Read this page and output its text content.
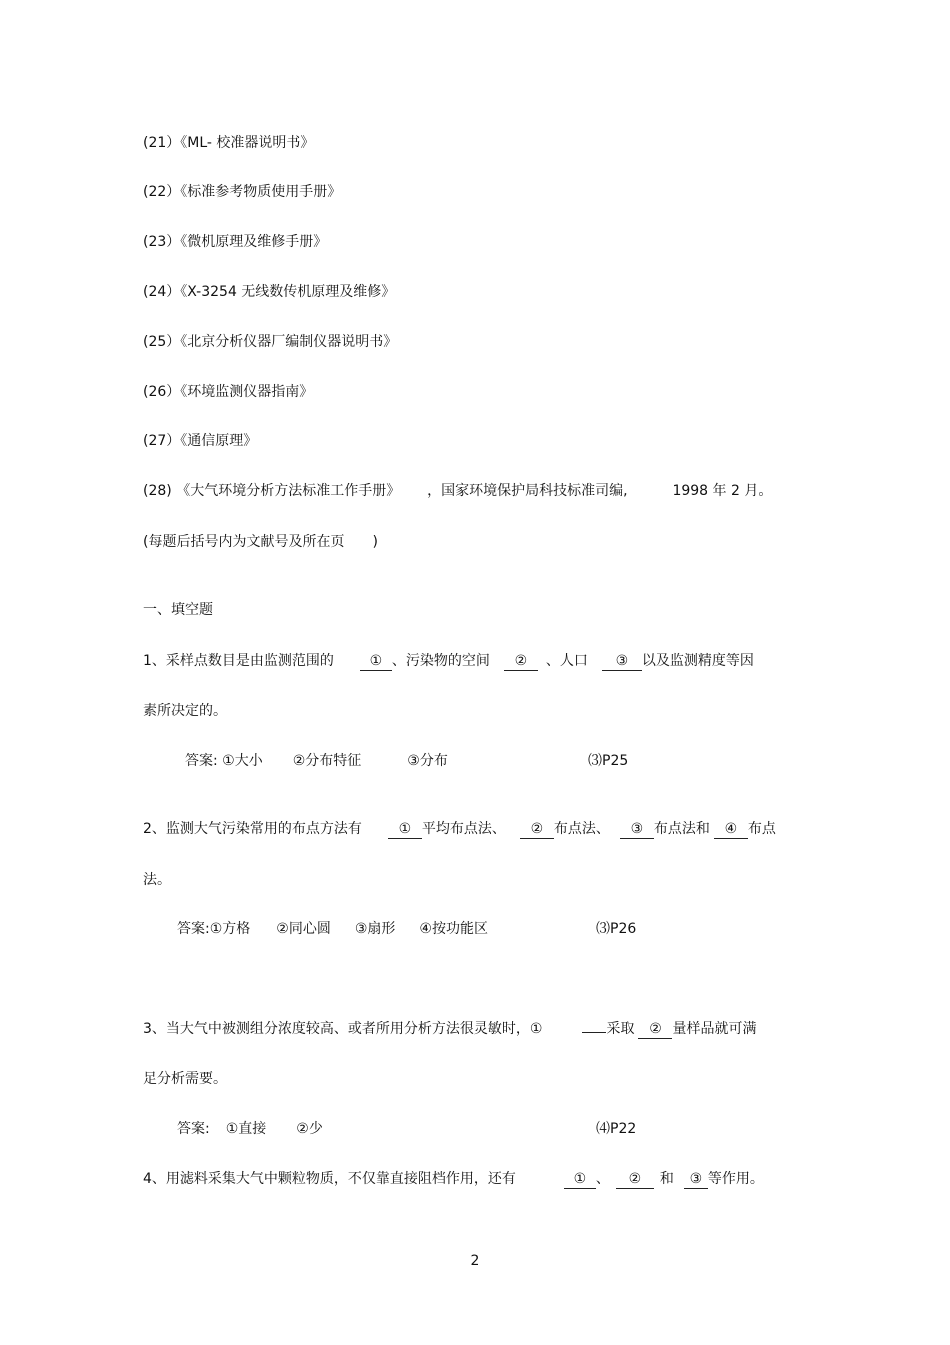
(21）《ML- 校准器说明书》
(22）《标准参考物质使用手册》
(23）《微机原理及维修手册》
(24）《X-3254 无线数传机原理及维修》
(25）《北京分析仪器厂编制仪器说明书》
(26）《环境监测仪器指南》
(27）《通信原理》
(28) 《大气环境分析方法标准工作手册》 ，国家环境保护局科技标准司编,	1998 年 2 月。
(每题后括号内为文献号及所在页 )
一、填空题
1、采样点数目是由监测范围的	① 、污染物的空间 ② 、人口 ③ 以及监测精度等因
素所决定的。
答案: ①大小 ②分布特征	③分布	⑶P25
2、监测大气污染常用的布点方法有	① 平均布点法、 ② 布点法、 ③ 布点法和 ④ 布点
法。
答案:①方格 ②同心圆 ③扇形 ④按功能区	⑶P26
3、当大气中被测组分浓度较高、或者所用分析方法很灵敏时，①	采取 ② 量样品就可满
足分析需要。
答案: ①直接 ②少	⑷P22
4、用滤料采集大气中颗粒物质，不仅靠直接阻档作用，还有	① 、 ② 和 ③ 等作用。
2
